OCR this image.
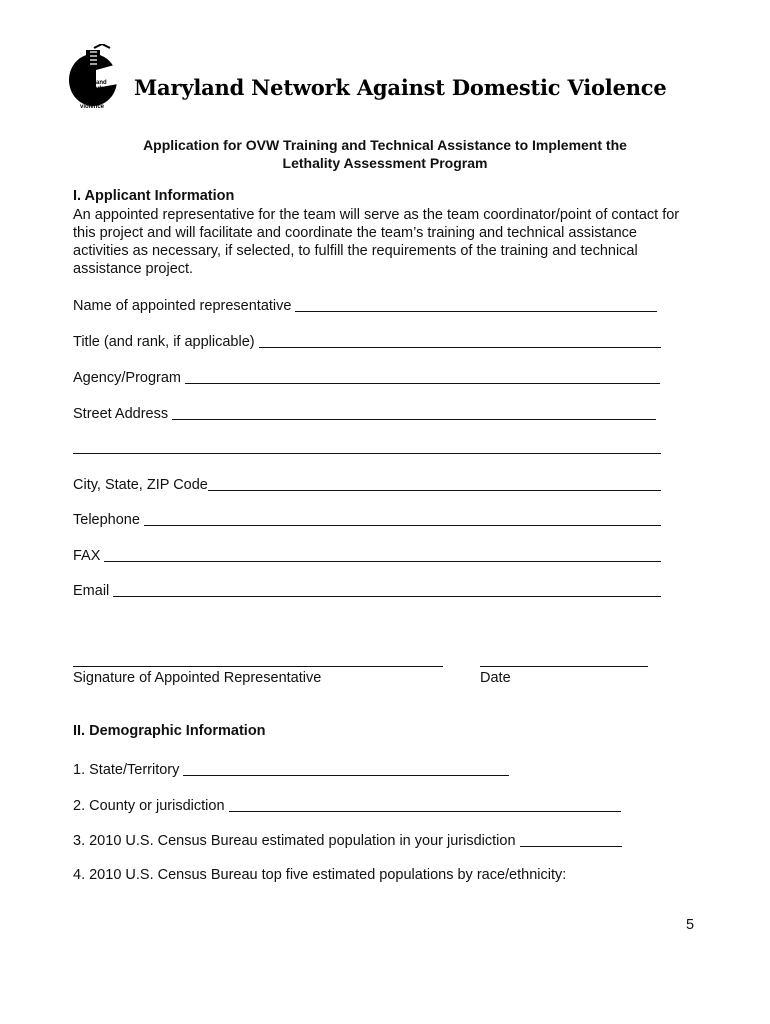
maryland
network
against
domestic
violence
Maryland Network Against Domestic Violence
Application for OVW Training and Technical Assistance to Implement the
Lethality Assessment Program
I. Applicant Information
An appointed representative for the team will serve as the team coordinator/point of contact for this project and will facilitate and coordinate the team’s training and technical assistance activities as necessary, if selected, to fulfill the requirements of the training and technical assistance project.
Name of appointed representative
Title (and rank, if applicable)
Agency/Program
Street Address
City, State, ZIP Code
Telephone
FAX
Email
Signature of Appointed Representative	Date
II. Demographic Information
1. State/Territory
2. County or jurisdiction
3. 2010 U.S. Census Bureau estimated population in your jurisdiction
4. 2010 U.S. Census Bureau top five estimated populations by race/ethnicity:
5
